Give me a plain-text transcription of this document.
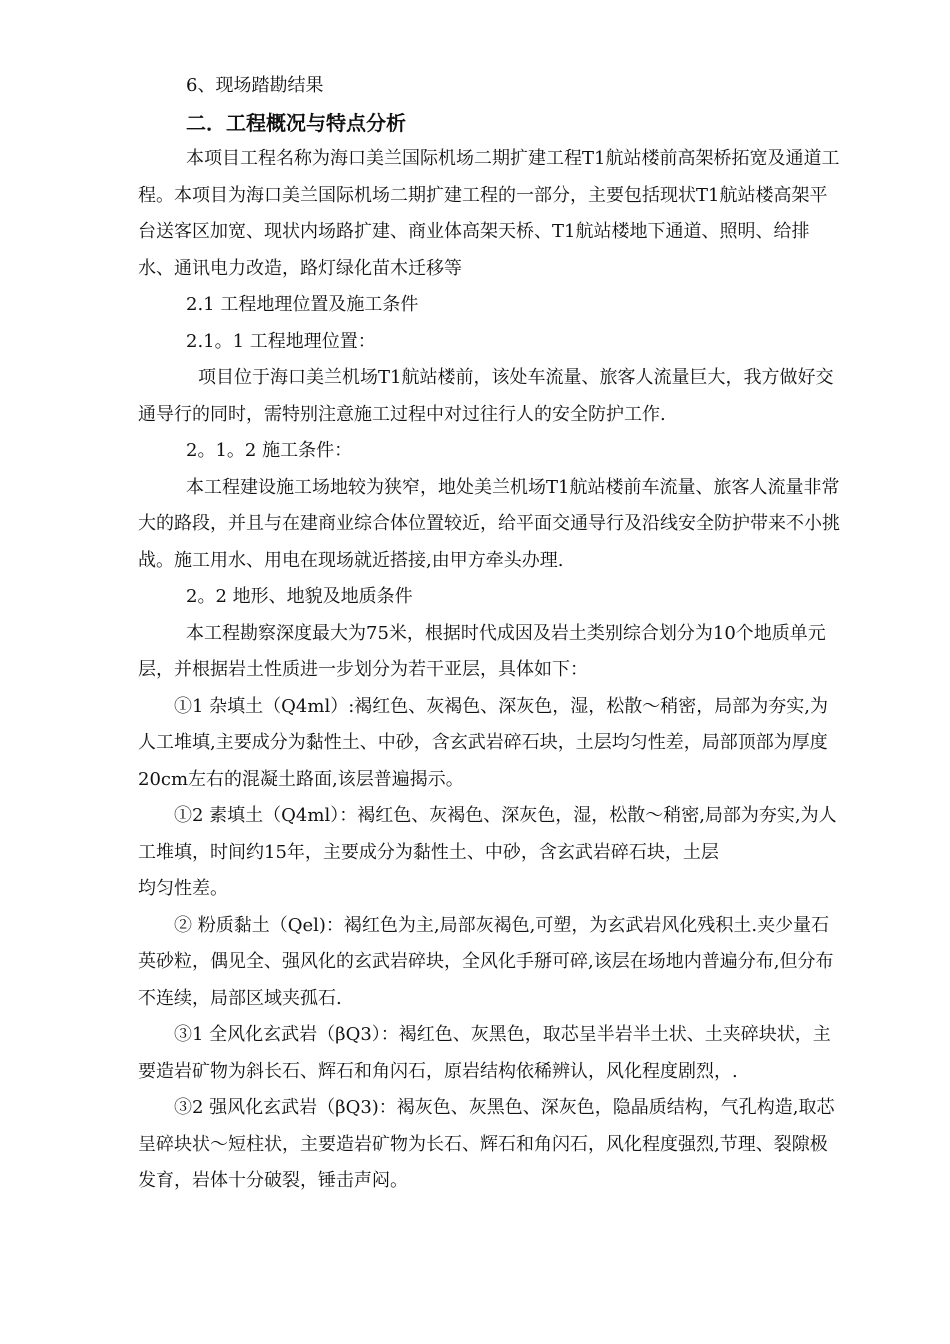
6、现场踏勘结果

二．工程概况与特点分析

本项目工程名称为海口美兰国际机场二期扩建工程T1航站楼前高架桥拓宽及通道工程。本项目为海口美兰国际机场二期扩建工程的一部分，主要包括现状T1航站楼高架平台送客区加宽、现状内场路扩建、商业体高架天桥、T1航站楼地下通道、照明、给排水、通讯电力改造，路灯绿化苗木迁移等

2.1 工程地理位置及施工条件

2.1。1 工程地理位置：

项目位于海口美兰机场T1航站楼前，该处车流量、旅客人流量巨大，我方做好交通导行的同时，需特别注意施工过程中对过往行人的安全防护工作.

2。1。2 施工条件：

本工程建设施工场地较为狭窄，地处美兰机场T1航站楼前车流量、旅客人流量非常大的路段，并且与在建商业综合体位置较近，给平面交通导行及沿线安全防护带来不小挑战。施工用水、用电在现场就近搭接,由甲方牵头办理.

2。2 地形、地貌及地质条件

本工程勘察深度最大为75米，根据时代成因及岩土类别综合划分为10个地质单元层，并根据岩土性质进一步划分为若干亚层，具体如下：

①1 杂填土（Q4ml）:褐红色、灰褐色、深灰色，湿，松散～稍密，局部为夯实,为人工堆填,主要成分为黏性土、中砂，含玄武岩碎石块，土层均匀性差，局部顶部为厚度20cm左右的混凝土路面,该层普遍揭示。

①2 素填土（Q4ml）：褐红色、灰褐色、深灰色，湿，松散～稍密,局部为夯实,为人工堆填，时间约15年，主要成分为黏性土、中砂，含玄武岩碎石块，土层
均匀性差。

② 粉质黏土（Qel)：褐红色为主,局部灰褐色,可塑，为玄武岩风化残积土.夹少量石英砂粒，偶见全、强风化的玄武岩碎块，全风化手掰可碎,该层在场地内普遍分布,但分布不连续，局部区域夹孤石.

③1 全风化玄武岩（βQ3）：褐红色、灰黑色，取芯呈半岩半土状、土夹碎块状，主要造岩矿物为斜长石、辉石和角闪石，原岩结构依稀辨认，风化程度剧烈，.

③2 强风化玄武岩（βQ3)：褐灰色、灰黑色、深灰色，隐晶质结构，气孔构造,取芯呈碎块状～短柱状，主要造岩矿物为长石、辉石和角闪石，风化程度强烈,节理、裂隙极发育，岩体十分破裂，锤击声闷。
